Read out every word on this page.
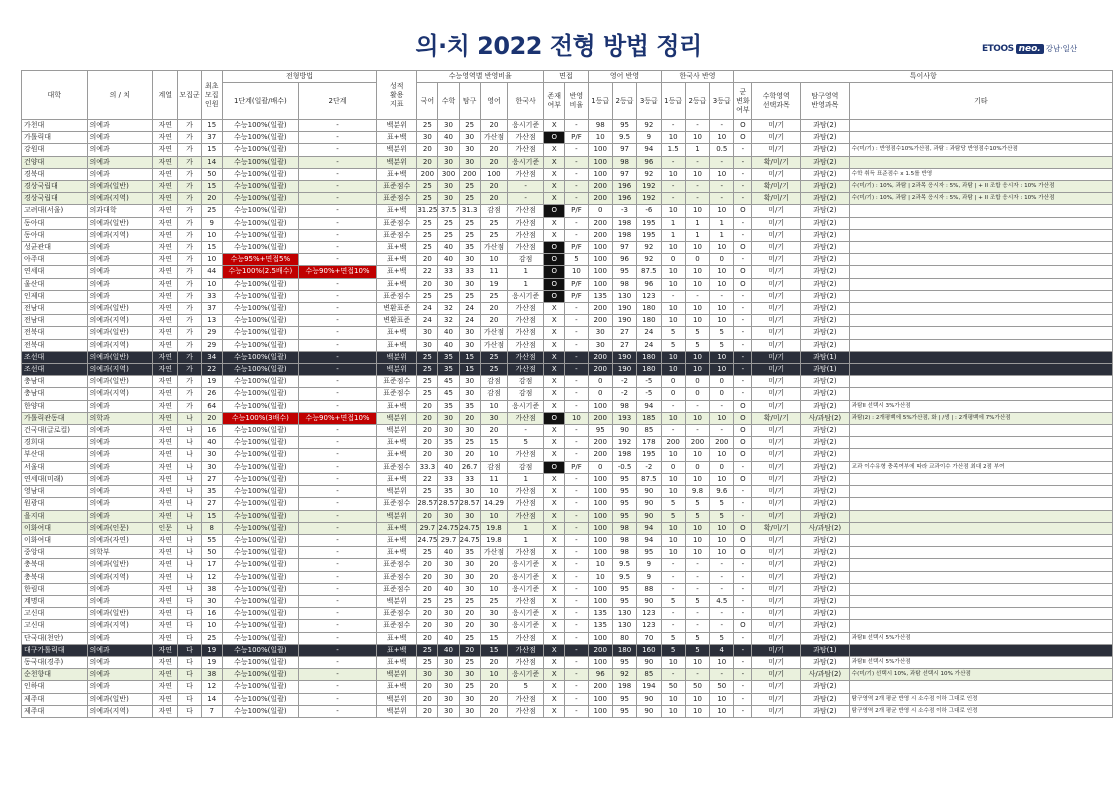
의·치 2022 전형 방법 정리	ETOOS neo. 강남·일산
대학	의 / 치	계열	모집군	최초
모집
인원	전형방법		성적
활용
지표	수능영역별 반영비율					면접		영어 반영			한국사 반영			특이사항			
					1단계(일괄/배수)	2단계		국어	수학	탐구	영어	한국사	존재
여부	반영
비율	1등급	2등급	3등급	1등급	2등급	3등급	군
변화
여부	수학영역
선택과목	탐구영역
반영과목	기타
가천대	의예과	자연	가	15	수능100%(일괄)	-	백분위	25	30	25	20	응시기준	X	-	98	95	92	-	-	-	O	미/기	과탐(2)	
가톨릭대	의예과	자연	가	37	수능100%(일괄)	-	표+백	30	40	30	가산점	가산점	O	P/F	10	9.5	9	10	10	10	O	미/기	과탐(2)	
강원대	의예과	자연	가	15	수능100%(일괄)	-	백분위	20	30	30	20	가산점	X	-	100	97	94	1.5	1	0.5	-	미/기	과탐(2)	수(미/기) : 반영점수10%가산점, 과탐 : 과탐당 반영점수10%가산점
건양대	의예과	자연	가	14	수능100%(일괄)	-	백분위	20	30	30	20	응시기준	X	-	100	98	96	-	-	-	-	확/미/기	과탐(2)	
경북대	의예과	자연	가	50	수능100%(일괄)	-	표+백	200	300	200	100	가산점	X	-	100	97	92	10	10	10	-	미/기	과탐(2)	수학 취득 표준점수 x 1.5를 반영
경상국립대	의예과(일반)	자연	가	15	수능100%(일괄)	-	표준점수	25	30	25	20	-	X	-	200	196	192	-	-	-	-	확/미/기	과탐(2)	수(미/기) : 10%, 과탐 | 2과목 응시자 : 5%, 과탐 | + II 조합 응시자 : 10% 가산점
경상국립대	의예과(지역)	자연	가	20	수능100%(일괄)	-	표준점수	25	30	25	20	-	X	-	200	196	192	-	-	-	-	확/미/기	과탐(2)	수(미/기) : 10%, 과탐 | 2과목 응시자 : 5%, 과탐 | + II 조합 응시자 : 10% 가산점
고려대(서울)	의과대학	자연	가	25	수능100%(일괄)	-	표+백	31.25	37.5	31.3	감점	가산점	O	P/F	0	-3	-6	10	10	10	O	미/기	과탐(2)	
동아대	의예과(일반)	자연	가	9	수능100%(일괄)	-	표준점수	25	25	25	25	가산점	X	-	200	198	195	1	1	1	-	미/기	과탐(2)	
동아대	의예과(지역)	자연	가	10	수능100%(일괄)	-	표준점수	25	25	25	25	가산점	X	-	200	198	195	1	1	1	-	미/기	과탐(2)	
성균관대	의예과	자연	가	15	수능100%(일괄)	-	표+백	25	40	35	가산점	가산점	O	P/F	100	97	92	10	10	10	O	미/기	과탐(2)	
아주대	의예과	자연	가	10	수능95%+면접5%	-	표+백	20	40	30	10	감점	O	5	100	96	92	0	0	0	-	미/기	과탐(2)	
연세대	의예과	자연	가	44	수능100%(2.5배수)	수능90%+면접10%	표+백	22	33	33	11	1	O	10	100	95	87.5	10	10	10	O	미/기	과탐(2)	
울산대	의예과	자연	가	10	수능100%(일괄)	-	표+백	20	30	30	19	1	O	P/F	100	98	96	10	10	10	O	미/기	과탐(2)	
인제대	의예과	자연	가	33	수능100%(일괄)	-	표준점수	25	25	25	25	응시기준	O	P/F	135	130	123	-	-	-	-	미/기	과탐(2)	
전남대	의예과(일반)	자연	가	37	수능100%(일괄)	-	변환표준	24	32	24	20	가산점	X	-	200	190	180	10	10	10	-	미/기	과탐(2)	
전남대	의예과(지역)	자연	가	13	수능100%(일괄)	-	변환표준	24	32	24	20	가산점	X	-	200	190	180	10	10	10	-	미/기	과탐(2)	
전북대	의예과(일반)	자연	가	29	수능100%(일괄)	-	표+백	30	40	30	가산점	가산점	X	-	30	27	24	5	5	5	-	미/기	과탐(2)	
전북대	의예과(지역)	자연	가	29	수능100%(일괄)	-	표+백	30	40	30	가산점	가산점	X	-	30	27	24	5	5	5	-	미/기	과탐(2)	
조선대	의예과(일반)	자연	가	34	수능100%(일괄)	-	백분위	25	35	15	25	가산점	X	-	200	190	180	10	10	10	-	미/기	과탐(1)	
조선대	의예과(지역)	자연	가	22	수능100%(일괄)	-	백분위	25	35	15	25	가산점	X	-	200	190	180	10	10	10	-	미/기	과탐(1)	
충남대	의예과(일반)	자연	가	19	수능100%(일괄)	-	표준점수	25	45	30	감점	감점	X	-	0	-2	-5	0	0	0	-	미/기	과탐(2)	
충남대	의예과(지역)	자연	가	26	수능100%(일괄)	-	표준점수	25	45	30	감점	감점	X	-	0	-2	-5	0	0	0	-	미/기	과탐(2)	
한양대	의예과	자연	가	64	수능100%(일괄)	-	표+백	20	35	35	10	응시기준	X	-	100	98	94	-	-	-	O	미/기	과탐(2)	과탐II 선택시 3%가산점
가톨릭관동대	의학과	자연	나	20	수능100%(3배수)	수능90%+면접10%	백분위	20	30	20	30	가산점	O	10	200	193	185	10	10	10	O	확/미/기	사/과탐(2)	과탐(2) : 2개평백에 5%가산점, 화 | /생 | : 2개평백에 7%가산점
건국대(글로컬)	의예과	자연	나	16	수능100%(일괄)	-	백분위	20	30	30	20	-	X	-	95	90	85	-	-	-	O	미/기	과탐(2)	
경희대	의예과	자연	나	40	수능100%(일괄)	-	표+백	20	35	25	15	5	X	-	200	192	178	200	200	200	O	미/기	과탐(2)	
부산대	의예과	자연	나	30	수능100%(일괄)	-	표+백	20	30	20	10	가산점	X	-	200	198	195	10	10	10	O	미/기	과탐(2)	
서울대	의예과	자연	나	30	수능100%(일괄)	-	표준점수	33.3	40	26.7	감점	감점	O	P/F	0	-0.5	-2	0	0	0	-	미/기	과탐(2)	교과 이수유형 충족여부에 따라 교과이수 가산점 최대 2점 부여
연세대(미래)	의예과	자연	나	27	수능100%(일괄)	-	표+백	22	33	33	11	1	X	-	100	95	87.5	10	10	10	O	미/기	과탐(2)	
영남대	의예과	자연	나	35	수능100%(일괄)	-	백분위	25	35	30	10	가산점	X	-	100	95	90	10	9.8	9.6	-	미/기	과탐(2)	
원광대	의예과	자연	나	27	수능100%(일괄)	-	표준점수	28.57	28.57	28.57	14.29	가산점	X	-	100	95	90	5	5	5	-	미/기	과탐(2)	
을지대	의예과	자연	나	15	수능100%(일괄)	-	백분위	20	30	30	10	가산점	X	-	100	95	90	5	5	5	-	미/기	과탐(2)	
이화여대	의예과(인문)	인문	나	8	수능100%(일괄)	-	표+백	29.7	24.75	24.75	19.8	1	X	-	100	98	94	10	10	10	O	확/미/기	사/과탐(2)	
이화여대	의예과(자연)	자연	나	55	수능100%(일괄)	-	표+백	24.75	29.7	24.75	19.8	1	X	-	100	98	94	10	10	10	O	미/기	과탐(2)	
중앙대	의학부	자연	나	50	수능100%(일괄)	-	표+백	25	40	35	가산점	가산점	X	-	100	98	95	10	10	10	O	미/기	과탐(2)	
충북대	의예과(일반)	자연	나	17	수능100%(일괄)	-	표준점수	20	30	30	20	응시기준	X	-	10	9.5	9	-	-	-	-	미/기	과탐(2)	
충북대	의예과(지역)	자연	나	12	수능100%(일괄)	-	표준점수	20	30	30	20	응시기준	X	-	10	9.5	9	-	-	-	-	미/기	과탐(2)	
한림대	의예과	자연	나	38	수능100%(일괄)	-	표준점수	20	40	30	10	응시기준	X	-	100	95	88	-	-	-	-	미/기	과탐(2)	
계명대	의예과	자연	다	30	수능100%(일괄)	-	백분위	25	25	25	25	가산점	X	-	100	95	90	5	5	4.5	-	미/기	과탐(2)	
고신대	의예과(일반)	자연	다	16	수능100%(일괄)	-	표준점수	20	30	20	30	응시기준	X	-	135	130	123	-	-	-	-	미/기	과탐(2)	
고신대	의예과(지역)	자연	다	10	수능100%(일괄)	-	표준점수	20	30	20	30	응시기준	X	-	135	130	123	-	-	-	O	미/기	과탐(2)	
단국대(천안)	의예과	자연	다	25	수능100%(일괄)	-	표+백	20	40	25	15	가산점	X	-	100	80	70	5	5	5	-	미/기	과탐(2)	과탐II 선택시 5%가산점
대구가톨릭대	의예과	자연	다	19	수능100%(일괄)	-	표+백	25	40	20	15	가산점	X	-	200	180	160	5	5	4	-	미/기	과탐(1)	
동국대(경주)	의예과	자연	다	19	수능100%(일괄)	-	표+백	25	30	25	20	가산점	X	-	100	95	90	10	10	10	-	미/기	과탐(2)	과탐II 선택시 5%가산점
순천향대	의예과	자연	다	38	수능100%(일괄)	-	백분위	30	30	30	10	응시기준	X	-	96	92	85	-	-	-	-	미/기	사/과탐(2)	수(미/기) 선택시 10%, 과탐 선택시 10% 가산점
인하대	의예과	자연	다	12	수능100%(일괄)	-	표+백	20	30	25	20	5	X	-	200	198	194	50	50	50	-	미/기	과탐(2)	
제주대	의예과(일반)	자연	다	14	수능100%(일괄)	-	백분위	20	30	30	20	가산점	X	-	100	95	90	10	10	10	-	미/기	과탐(2)	탐구영역 2개 평균 반영 시 소수점 이하 그대로 인정
제주대	의예과(지역)	자연	다	7	수능100%(일괄)	-	백분위	20	30	30	20	가산점	X	-	100	95	90	10	10	10	-	미/기	과탐(2)	탐구영역 2개 평균 반영 시 소수점 이하 그대로 인정
